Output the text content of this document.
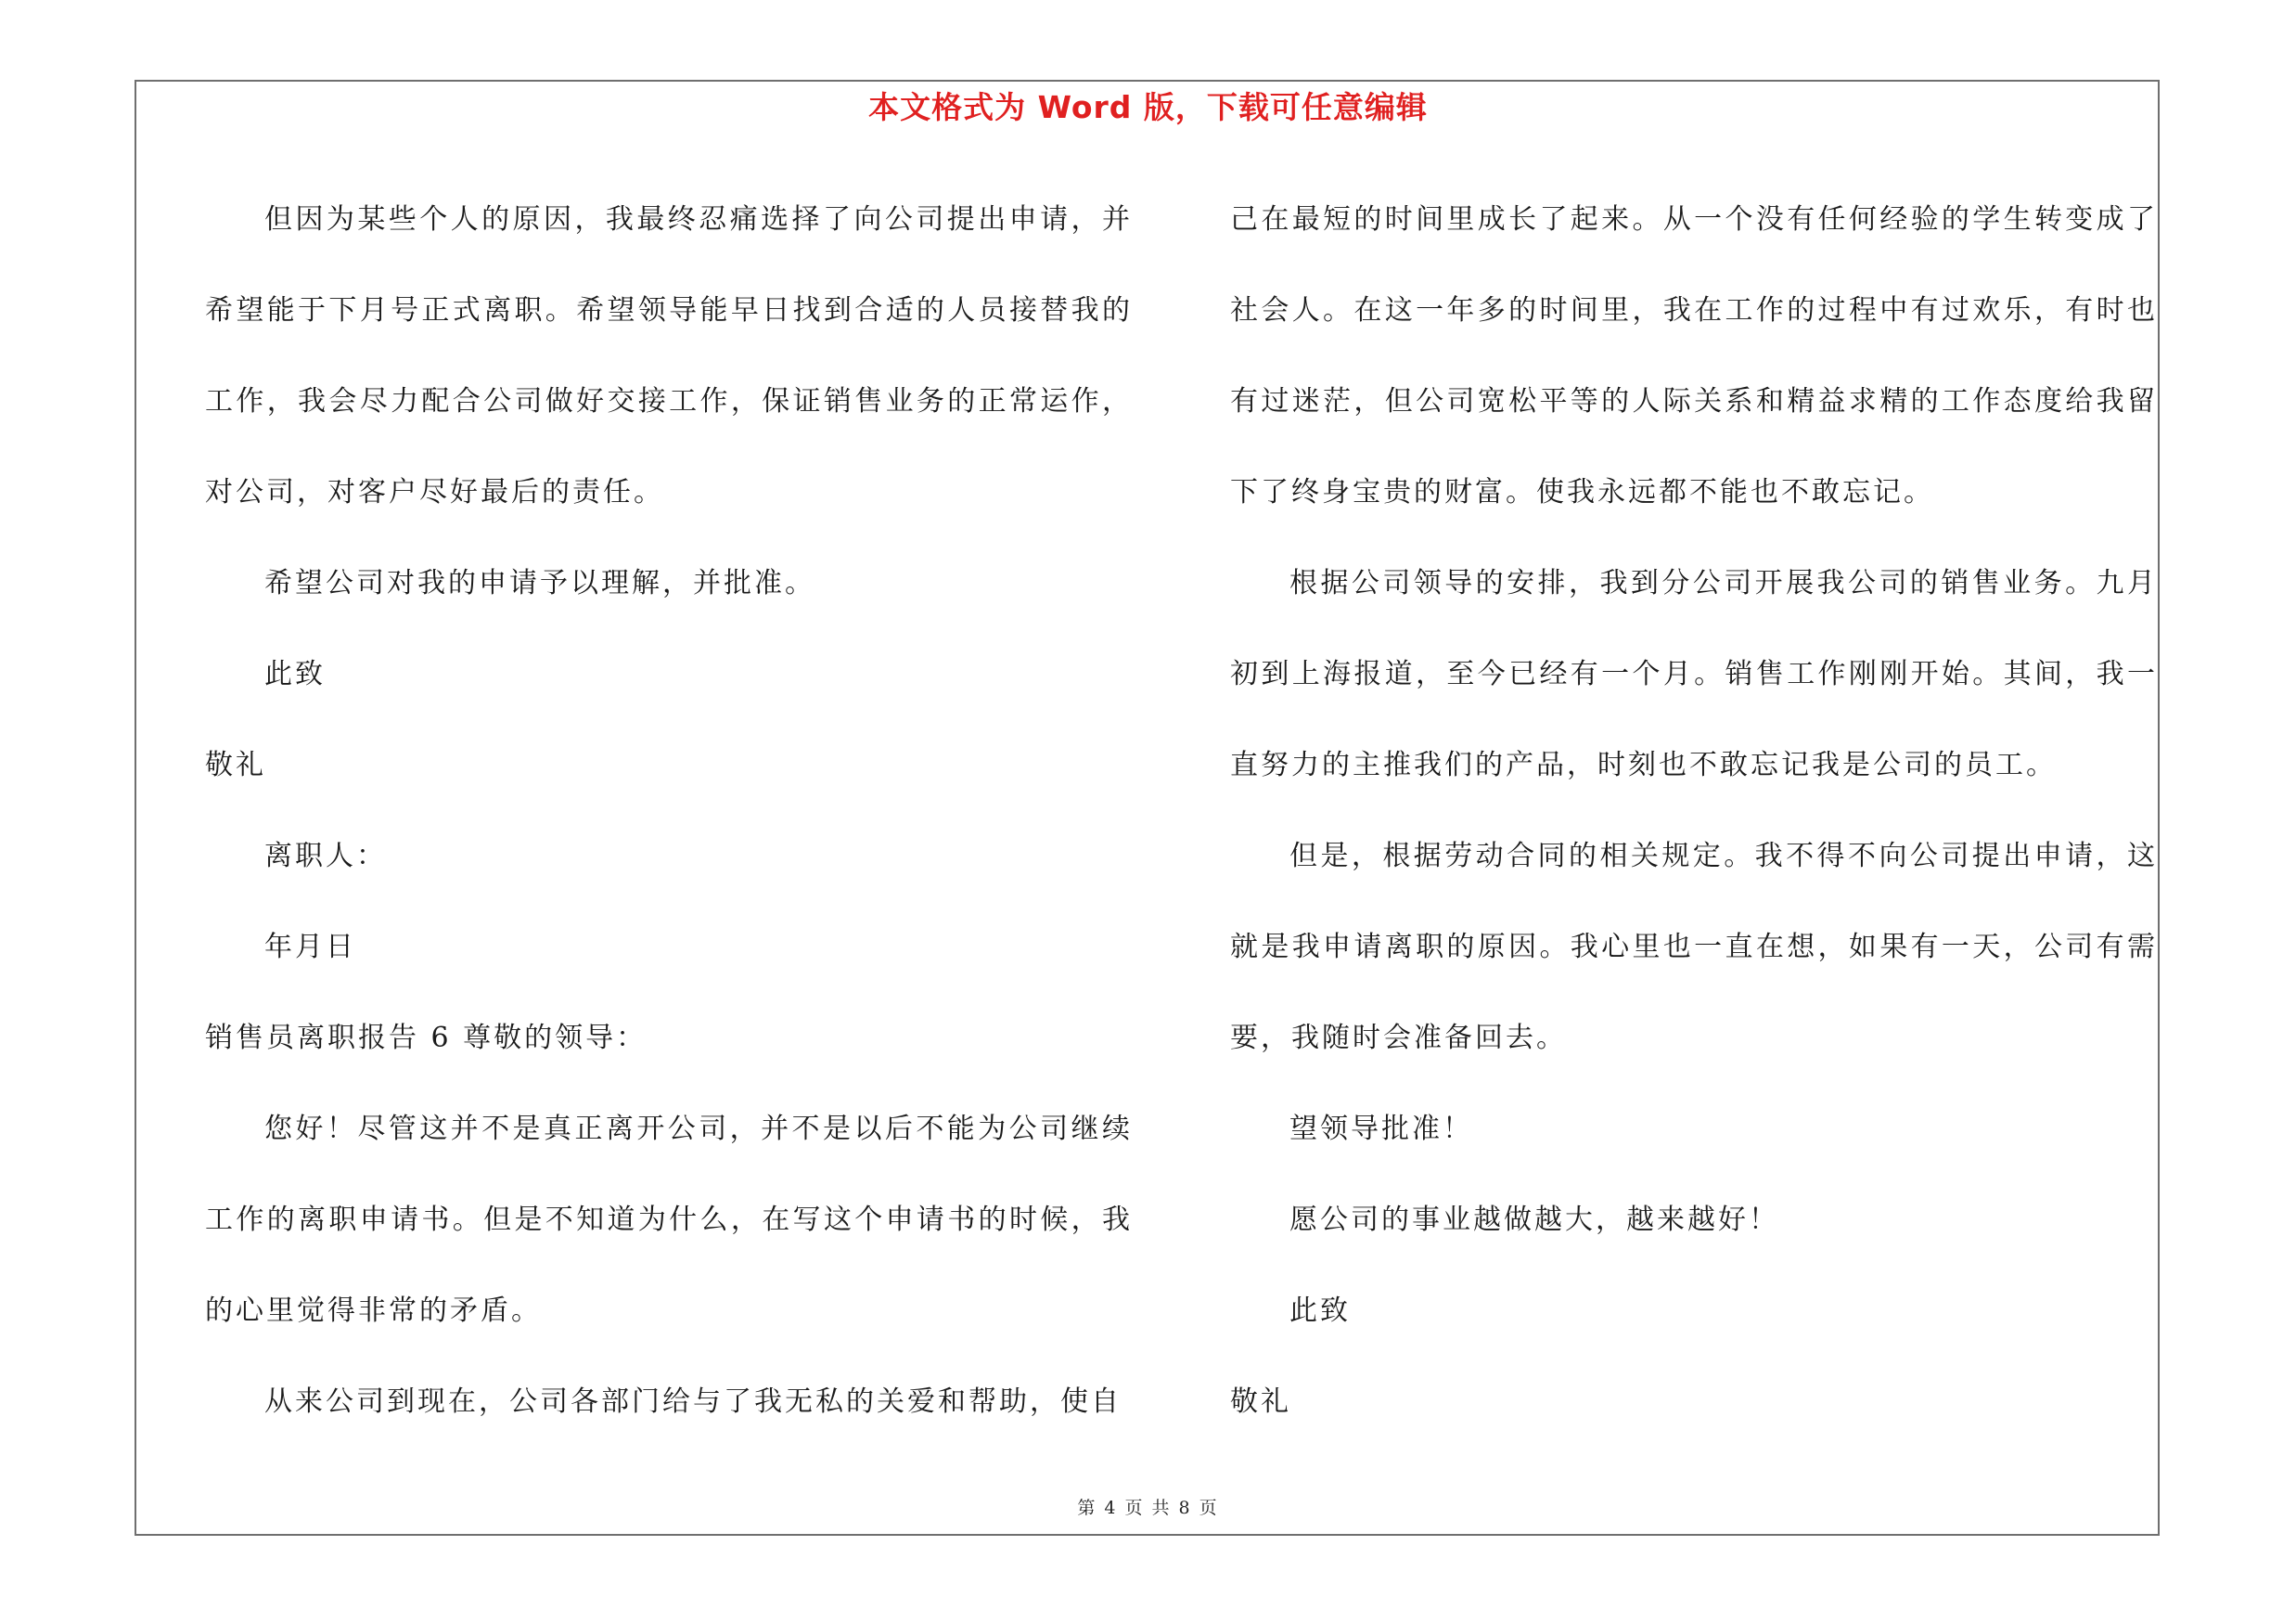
本文格式为 Word 版，下载可任意编辑

但因为某些个人的原因，我最终忍痛选择了向公司提出申请，并希望能于下月号正式离职。希望领导能早日找到合适的人员接替我的工作，我会尽力配合公司做好交接工作，保证销售业务的正常运作，对公司，对客户尽好最后的责任。

希望公司对我的申请予以理解，并批准。

此致

敬礼

离职人：

年月日

销售员离职报告 6 尊敬的领导：

您好！尽管这并不是真正离开公司，并不是以后不能为公司继续工作的离职申请书。但是不知道为什么，在写这个申请书的时候，我的心里觉得非常的矛盾。

从来公司到现在，公司各部门给与了我无私的关爱和帮助，使自

己在最短的时间里成长了起来。从一个没有任何经验的学生转变成了社会人。在这一年多的时间里，我在工作的过程中有过欢乐，有时也有过迷茫，但公司宽松平等的人际关系和精益求精的工作态度给我留下了终身宝贵的财富。使我永远都不能也不敢忘记。

根据公司领导的安排，我到分公司开展我公司的销售业务。九月初到上海报道，至今已经有一个月。销售工作刚刚开始。其间，我一直努力的主推我们的产品，时刻也不敢忘记我是公司的员工。

但是，根据劳动合同的相关规定。我不得不向公司提出申请，这就是我申请离职的原因。我心里也一直在想，如果有一天，公司有需要，我随时会准备回去。

望领导批准！

愿公司的事业越做越大，越来越好！

此致

敬礼

第 4 页 共 8 页
